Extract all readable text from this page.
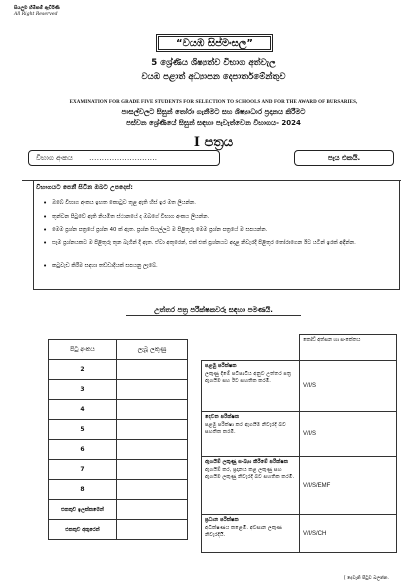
සියලුම හිමිකම් ඇවිරිණි
All Right Reserved
“වයඹ සිප්මංසල”
5 ශ්‍රේණිය ශිෂ්‍යත්ව විභාග අත්වැල
වයඹ පළාත් අධ්‍යාපන දෙපාර්තමේන්තුව
EXAMINATION FOR GRADE FIVE STUDENTS FOR SELECTION TO SCHOOLS AND FOR THE AWARD OF BURSARIES,
පාසල්වලට සිසුන් තෝරා ගැනීමට සහ ශිෂ්‍යාධාර ප්‍රදානය කිරීමට
පස්වන ශ්‍රේණියේ සිසුන් සඳහා පැවැත්වෙන විභාගය- 2024
I පත්‍රය
විභාග අංකය ...........................	පැය එකයි.
විභාගයට පෙනී සිටින ඔබට උපදෙස්:
• ඔබේ විභාග අංකය ඉහත කොටුව තුළ ඇති හිස් ඉර මත ලියන්න.
• තුන්වන පිටුවේ ඇති නියමිත ස්ථානයේ ද ඔබගේ විභාග අංකය ලියන්න.
• මෙම ප්‍රශ්න පත්‍රයේ ප්‍රශ්න 40 ක් ඇත. ප්‍රශ්න සියල්ලට ම පිළිතුරු මෙම ප්‍රශ්න පත්‍රයේ ම සපයන්න.
• සෑම ප්‍රශ්නයකට ම පිළිතුරු තුන බැගින් දී ඇත. ඒවා අතුරෙන්, එක් එක් ප්‍රශ්නයට අදාළ නිවැරදි පිළිතුර තෝරාගෙන ඊට යටින් ඉරක් අඳින්න.
• කටුවැඩ කිරීම සඳහා තඩ්ඩාදියක් සපයනු ලැබේ.
උත්තර පත්‍ර පරීක්ෂකවරු සඳහා පමණයි.
පිටු අංකය	ලැබූ ලකුණු
2	
3	
4	
5	
6	
7	
8	
එකතුව ඉලක්කමෙන්	
එකතුව අකුරෙන්	
	කෝඩ් අත්සන හා සංකේතය

පළමු පරීක්ෂක
ලකුණු දීමේ පටිපාටිය අනුව උත්තර පත්‍ර ඇගයීම සහ ඊට සහතික කරමි.	V/I/S

දෙවන පරීක්ෂක
පළමු පරීක්ෂා කර ඇගයීම නිවැරදි බව සහතික කරමි.	V/I/S

ඇගයීම් ලකුණු සංඛ්‍යා කිරීමේ පරීක්ෂක
ඇගයීම් කර, ප්‍රදානය කළ ලකුණු සහ ඇගයීම ලකුණු නිවැරදි බව සහතික කරමි.	V/I/S/EMF

ප්‍රධාන පරීක්ෂක
අධීක්ෂණය කළෙමි. අවසාන ලකුණ නිවැරදියි.	V/I/S/CH
[ දෙවැනි පිටුව බලන්න.
